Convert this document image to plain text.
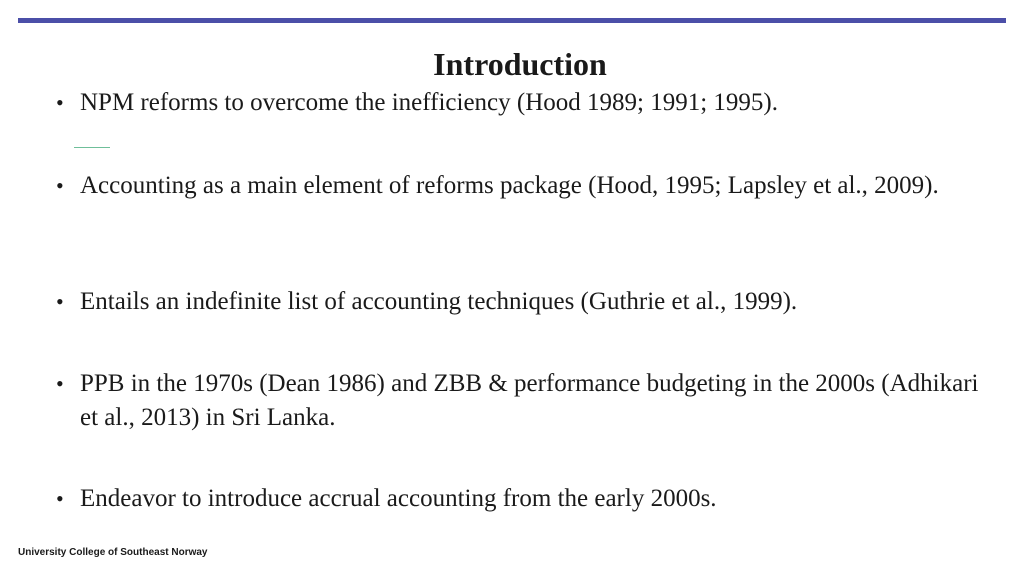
Introduction
• NPM reforms to overcome the inefficiency (Hood 1989; 1991; 1995).
• Accounting as a main element of reforms package (Hood, 1995; Lapsley et al., 2009).
• Entails an indefinite list of accounting techniques (Guthrie et al., 1999).
• PPB in the 1970s (Dean 1986) and ZBB & performance budgeting in the 2000s (Adhikari et al., 2013) in Sri Lanka.
• Endeavor to introduce accrual accounting from the early 2000s.
University College of Southeast Norway
